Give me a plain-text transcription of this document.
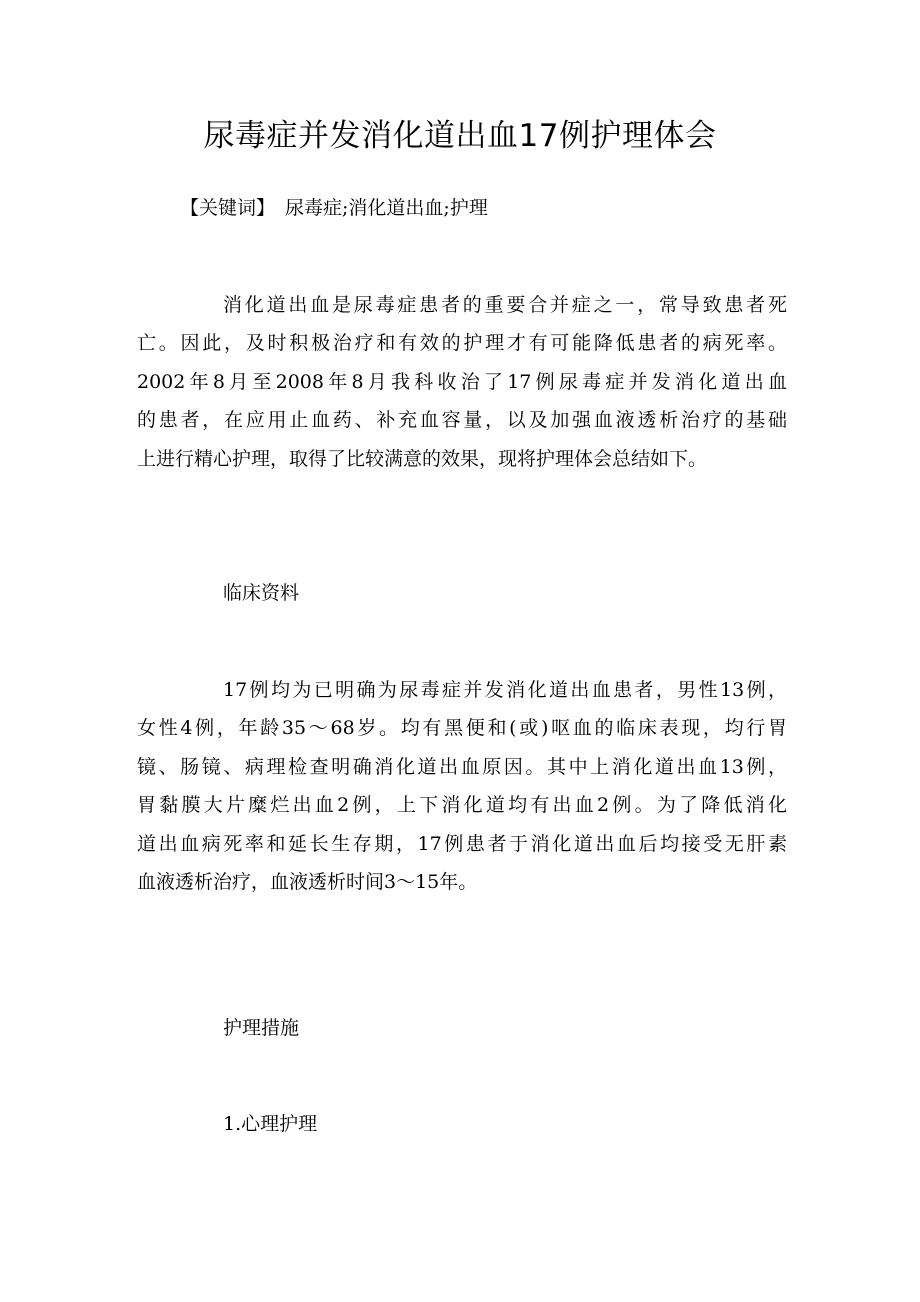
尿毒症并发消化道出血17例护理体会
【关键词】 尿毒症;消化道出血;护理
消化道出血是尿毒症患者的重要合并症之一，常导致患者死
亡。因此，及时积极治疗和有效的护理才有可能降低患者的病死率。
2002年8月至2008年8月我科收治了17例尿毒症并发消化道出血
的患者，在应用止血药、补充血容量，以及加强血液透析治疗的基础
上进行精心护理，取得了比较满意的效果，现将护理体会总结如下。
临床资料
17例均为已明确为尿毒症并发消化道出血患者，男性13例，
女性4例，年龄35～68岁。均有黑便和(或)呕血的临床表现，均行胃
镜、肠镜、病理检查明确消化道出血原因。其中上消化道出血13例，
胃黏膜大片糜烂出血2例，上下消化道均有出血2例。为了降低消化
道出血病死率和延长生存期，17例患者于消化道出血后均接受无肝素
血液透析治疗，血液透析时间3～15年。
护理措施
1.心理护理
